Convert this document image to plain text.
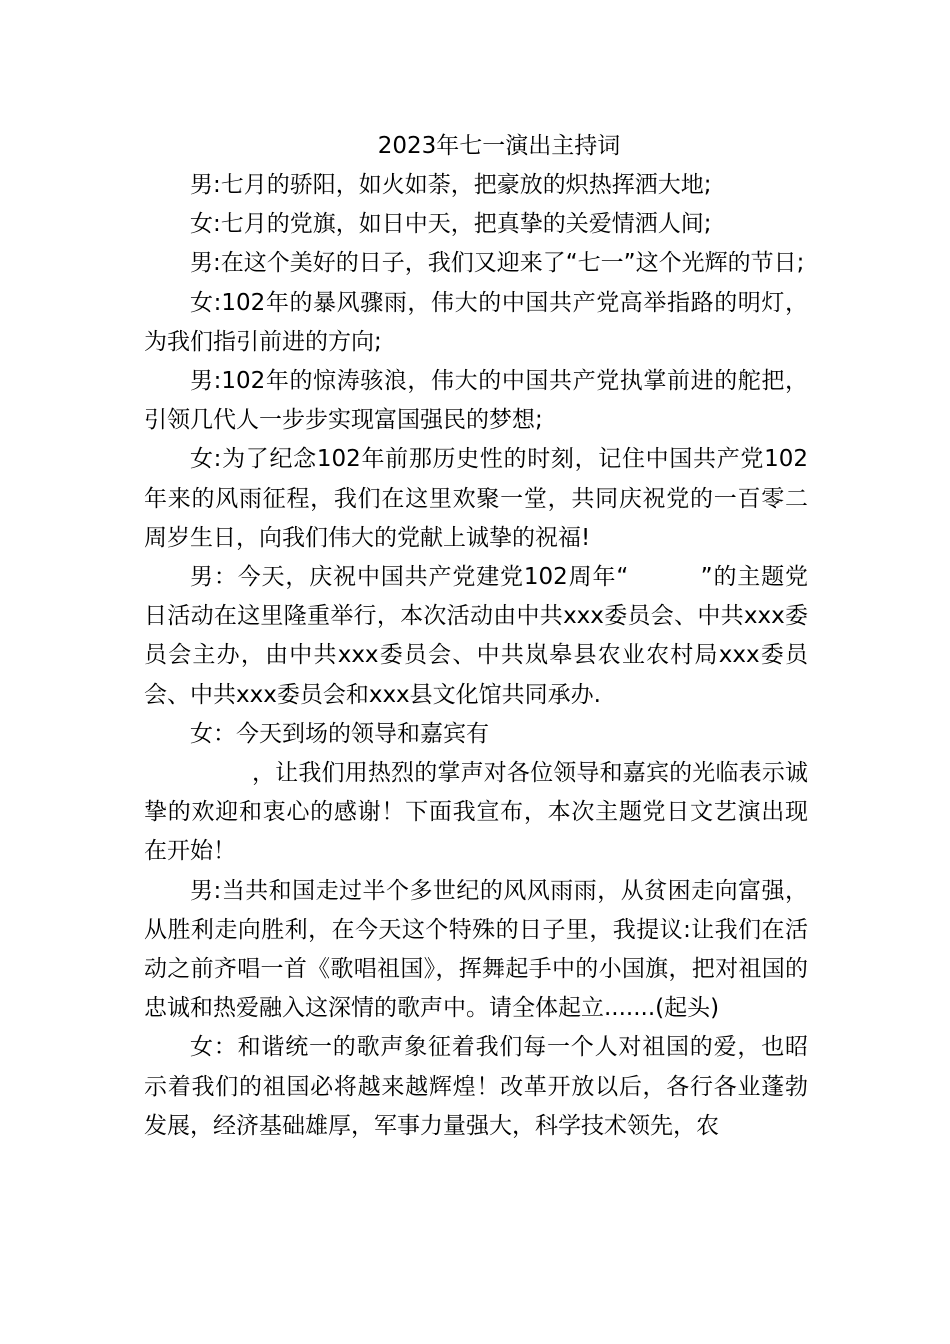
2023年七一演出主持词

男:七月的骄阳，如火如荼，把豪放的炽热挥洒大地;

女:七月的党旗，如日中天，把真挚的关爱情洒人间;

男:在这个美好的日子，我们又迎来了“七一”这个光辉的节日;

女:102年的暴风骤雨，伟大的中国共产党高举指路的明灯，为我们指引前进的方向;

男:102年的惊涛骇浪，伟大的中国共产党执掌前进的舵把，引领几代人一步步实现富国强民的梦想;

女:为了纪念102年前那历史性的时刻，记住中国共产党102年来的风雨征程，我们在这里欢聚一堂，共同庆祝党的一百零二周岁生日，向我们伟大的党献上诚挚的祝福!

男：今天，庆祝中国共产党建党102周年“　　　”的主题党日活动在这里隆重举行，本次活动由中共xxx委员会、中共xxx委员会主办，由中共xxx委员会、中共岚皋县农业农村局xxx委员会、中共xxx委员会和xxx县文化馆共同承办.

女：今天到场的领导和嘉宾有

，让我们用热烈的掌声对各位领导和嘉宾的光临表示诚挚的欢迎和衷心的感谢！下面我宣布，本次主题党日文艺演出现在开始！

男:当共和国走过半个多世纪的风风雨雨，从贫困走向富强，从胜利走向胜利，在今天这个特殊的日子里，我提议:让我们在活动之前齐唱一首《歌唱祖国》，挥舞起手中的小国旗，把对祖国的忠诚和热爱融入这深情的歌声中。请全体起立.......(起头)

女：和谐统一的歌声象征着我们每一个人对祖国的爱，也昭示着我们的祖国必将越来越辉煌！改革开放以后，各行各业蓬勃发展，经济基础雄厚，军事力量强大，科学技术领先，农
